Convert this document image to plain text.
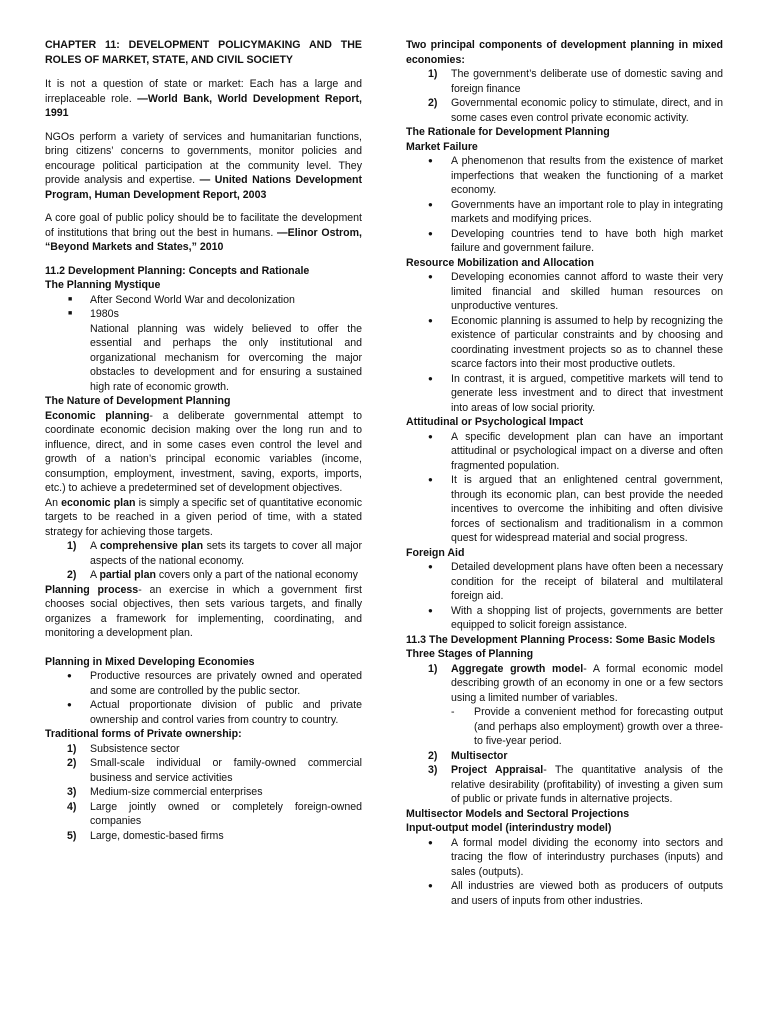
CHAPTER 11: DEVELOPMENT POLICYMAKING AND THE ROLES OF MARKET, STATE, AND CIVIL SOCIETY

It is not a question of state or market: Each has a large and irreplaceable role. —World Bank, World Development Report, 1991

NGOs perform a variety of services and humanitarian functions, bring citizens’ concerns to governments, monitor policies and encourage political participation at the community level. They provide analysis and expertise. — United Nations Development Program, Human Development Report, 2003

A core goal of public policy should be to facilitate the development of institutions that bring out the best in humans. —Elinor Ostrom, “Beyond Markets and States,” 2010

11.2 Development Planning: Concepts and Rationale

The Planning Mystique

■ After Second World War and decolonization
■ 1980s
National planning was widely believed to offer the essential and perhaps the only institutional and organizational mechanism for overcoming the major obstacles to development and for ensuring a sustained high rate of economic growth.
The Nature of Development Planning
Economic planning- a deliberate governmental attempt to coordinate economic decision making over the long run and to influence, direct, and in some cases even control the level and growth of a nation’s principal economic variables (income, consumption, employment, investment, saving, exports, imports, etc.) to achieve a predetermined set of development objectives.
An economic plan is simply a specific set of quantitative economic targets to be reached in a given period of time, with a stated strategy for achieving those targets.
1) A comprehensive plan sets its targets to cover all major aspects of the national economy.
2) A partial plan covers only a part of the national economy

Planning process- an exercise in which a government first chooses social objectives, then sets various targets, and finally organizes a framework for implementing, coordinating, and monitoring a development plan.

Planning in Mixed Developing Economies
● Productive resources are privately owned and operated and some are controlled by the public sector.
● Actual proportionate division of public and private ownership and control varies from country to country.
Traditional forms of Private ownership:
1) Subsistence sector
2) Small-scale individual or family-owned commercial business and service activities
3) Medium-size commercial enterprises
4) Large jointly owned or completely foreign-owned companies
5) Large, domestic-based firms
Two principal components of development planning in mixed economies:
1) The government’s deliberate use of domestic saving and foreign finance
2) Governmental economic policy to stimulate, direct, and in some cases even control private economic activity.
The Rationale for Development Planning
Market Failure
● A phenomenon that results from the existence of market imperfections that weaken the functioning of a market economy.
● Governments have an important role to play in integrating markets and modifying prices.
● Developing countries tend to have both high market failure and government failure.
Resource Mobilization and Allocation
● Developing economies cannot afford to waste their very limited financial and skilled human resources on unproductive ventures.
● Economic planning is assumed to help by recognizing the existence of particular constraints and by choosing and coordinating investment projects so as to channel these scarce factors into their most productive outlets.
● In contrast, it is argued, competitive markets will tend to generate less investment and to direct that investment into areas of low social priority.
Attitudinal or Psychological Impact
● A specific development plan can have an important attitudinal or psychological impact on a diverse and often fragmented population.
● It is argued that an enlightened central government, through its economic plan, can best provide the needed incentives to overcome the inhibiting and often divisive forces of sectionalism and traditionalism in a common quest for widespread material and social progress.
Foreign Aid
● Detailed development plans have often been a necessary condition for the receipt of bilateral and multilateral foreign aid.
● With a shopping list of projects, governments are better equipped to solicit foreign assistance.
11.3 The Development Planning Process: Some Basic Models
Three Stages of Planning
1) Aggregate growth model- A formal economic model describing growth of an economy in one or a few sectors using a limited number of variables.
- Provide a convenient method for forecasting output (and perhaps also employment) growth over a three- to five-year period.
2) Multisector
3) Project Appraisal- The quantitative analysis of the relative desirability (profitability) of investing a given sum of public or private funds in alternative projects.
Multisector Models and Sectoral Projections
Input-output model (interindustry model)
● A formal model dividing the economy into sectors and tracing the flow of interindustry purchases (inputs) and sales (outputs).
● All industries are viewed both as producers of outputs and users of inputs from other industries.
